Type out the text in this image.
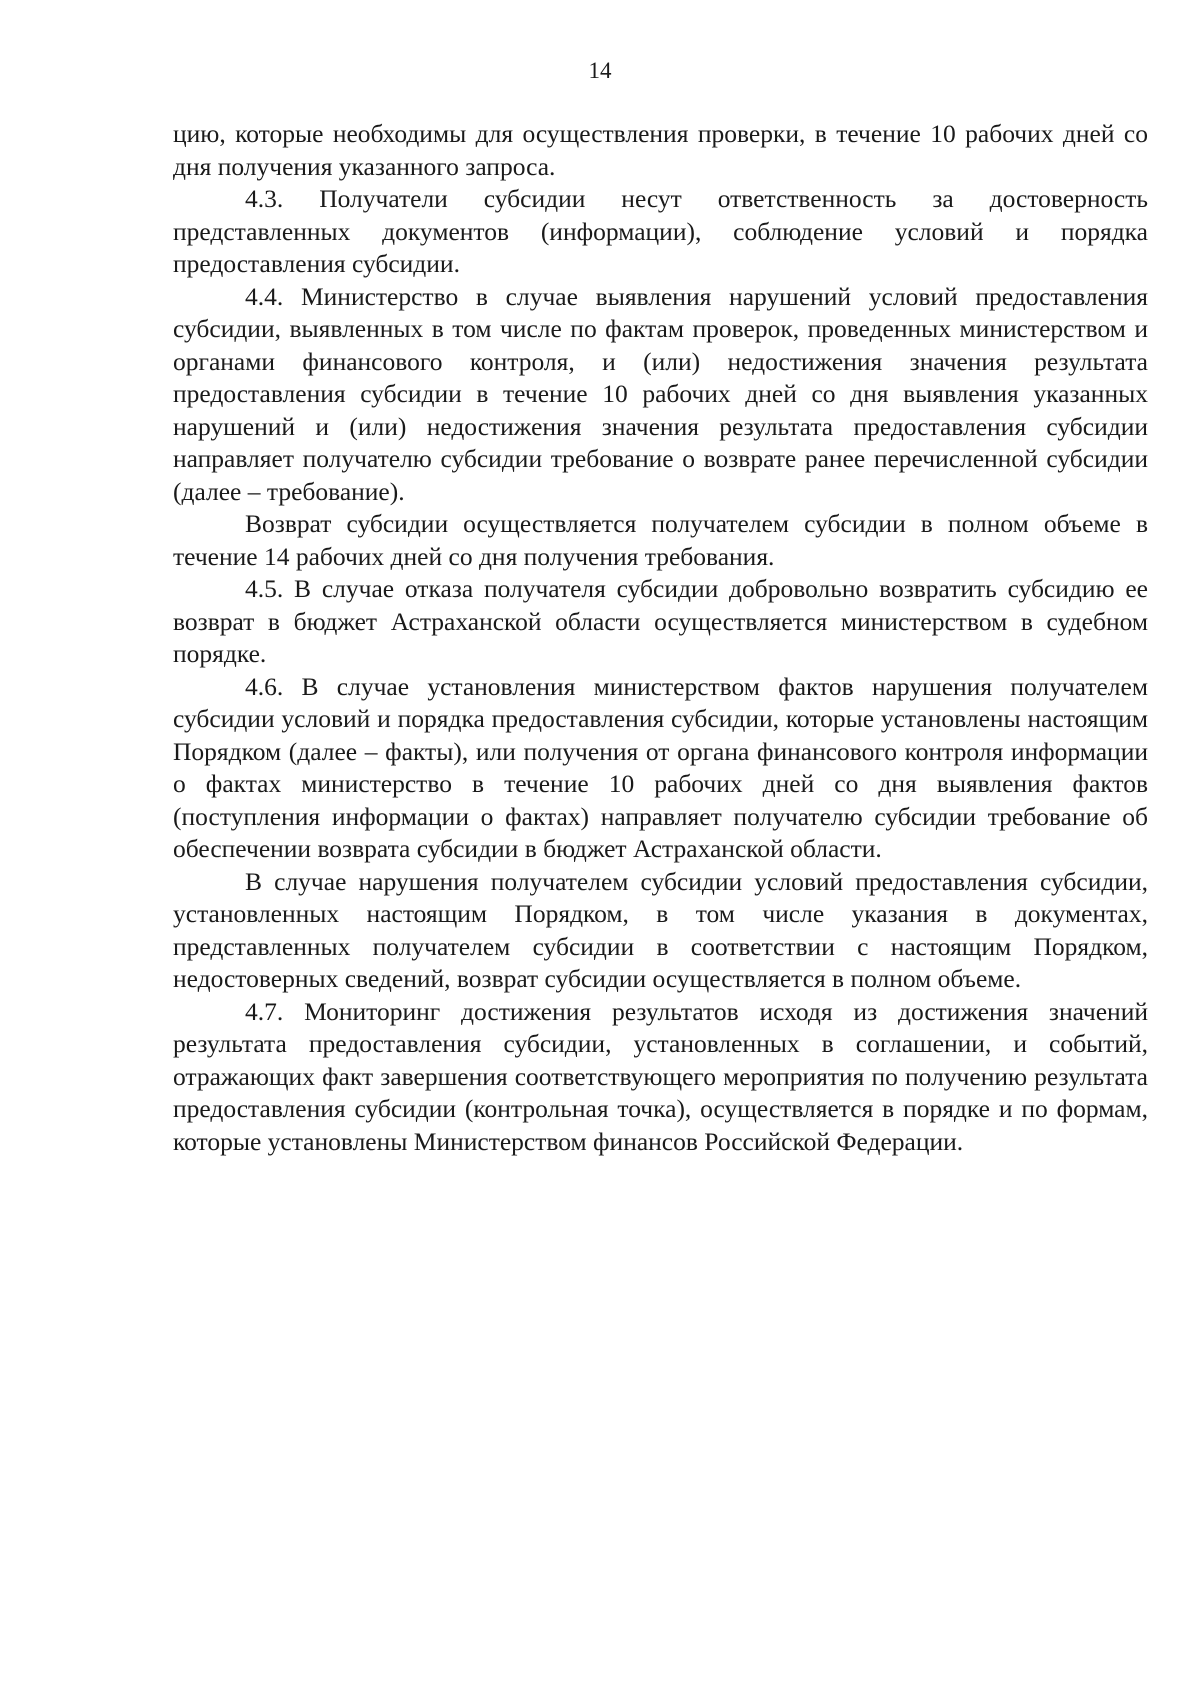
14

цию, которые необходимы для осуществления проверки, в течение 10 рабочих дней со дня получения указанного запроса.

4.3. Получатели субсидии несут ответственность за достоверность представленных документов (информации), соблюдение условий и порядка предоставления субсидии.

4.4. Министерство в случае выявления нарушений условий предоставления субсидии, выявленных в том числе по фактам проверок, проведенных министерством и органами финансового контроля, и (или) недостижения значения результата предоставления субсидии в течение 10 рабочих дней со дня выявления указанных нарушений и (или) недостижения значения результата предоставления субсидии направляет получателю субсидии требование о возврате ранее перечисленной субсидии (далее – требование).

Возврат субсидии осуществляется получателем субсидии в полном объеме в течение 14 рабочих дней со дня получения требования.

4.5. В случае отказа получателя субсидии добровольно возвратить субсидию ее возврат в бюджет Астраханской области осуществляется министерством в судебном порядке.

4.6. В случае установления министерством фактов нарушения получателем субсидии условий и порядка предоставления субсидии, которые установлены настоящим Порядком (далее – факты), или получения от органа финансового контроля информации о фактах министерство в течение 10 рабочих дней со дня выявления фактов (поступления информации о фактах) направляет получателю субсидии требование об обеспечении возврата субсидии в бюджет Астраханской области.

В случае нарушения получателем субсидии условий предоставления субсидии, установленных настоящим Порядком, в том числе указания в документах, представленных получателем субсидии в соответствии с настоящим Порядком, недостоверных сведений, возврат субсидии осуществляется в полном объеме.

4.7. Мониторинг достижения результатов исходя из достижения значений результата предоставления субсидии, установленных в соглашении, и событий, отражающих факт завершения соответствующего мероприятия по получению результата предоставления субсидии (контрольная точка), осуществляется в порядке и по формам, которые установлены Министерством финансов Российской Федерации.
